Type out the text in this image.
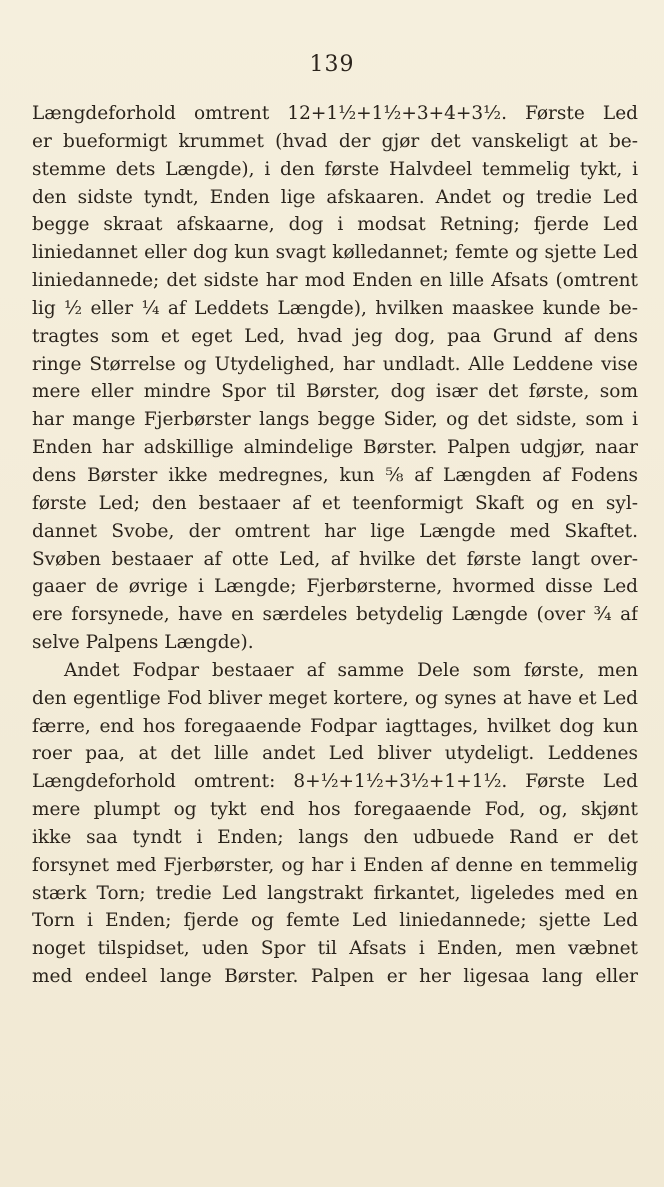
139
Længdeforhold omtrent 12+1½+1½+3+4+3½. Første Led
er bueformigt krummet (hvad der gjør det vanskeligt at be-
stemme dets Længde), i den første Halvdeel temmelig tykt, i
den sidste tyndt, Enden lige afskaaren. Andet og tredie Led
begge skraat afskaarne, dog i modsat Retning; fjerde Led
liniedannet eller dog kun svagt kølledannet; femte og sjette Led
liniedannede; det sidste har mod Enden en lille Afsats (omtrent
lig ½ eller ¼ af Leddets Længde), hvilken maaskee kunde be-
tragtes som et eget Led, hvad jeg dog, paa Grund af dens
ringe Størrelse og Utydelighed, har undladt. Alle Leddene vise
mere eller mindre Spor til Børster, dog især det første, som
har mange Fjerbørster langs begge Sider, og det sidste, som i
Enden har adskillige almindelige Børster. Palpen udgjør, naar
dens Børster ikke medregnes, kun ⅝ af Længden af Fodens
første Led; den bestaaer af et teenformigt Skaft og en syl-
dannet Svobe, der omtrent har lige Længde med Skaftet.
Svøben bestaaer af otte Led, af hvilke det første langt over-
gaaer de øvrige i Længde; Fjerbørsterne, hvormed disse Led
ere forsynede, have en særdeles betydelig Længde (over ¾ af
selve Palpens Længde).
Andet Fodpar bestaaer af samme Dele som første, men
den egentlige Fod bliver meget kortere, og synes at have et Led
færre, end hos foregaaende Fodpar iagttages, hvilket dog kun
roer paa, at det lille andet Led bliver utydeligt. Leddenes
Længdeforhold omtrent: 8+½+1½+3½+1+1½. Første Led
mere plumpt og tykt end hos foregaaende Fod, og, skjønt
ikke saa tyndt i Enden; langs den udbuede Rand er det
forsynet med Fjerbørster, og har i Enden af denne en temmelig
stærk Torn; tredie Led langstrakt firkantet, ligeledes med en
Torn i Enden; fjerde og femte Led liniedannede; sjette Led
noget tilspidset, uden Spor til Afsats i Enden, men væbnet
med endeel lange Børster. Palpen er her ligesaa lang eller
